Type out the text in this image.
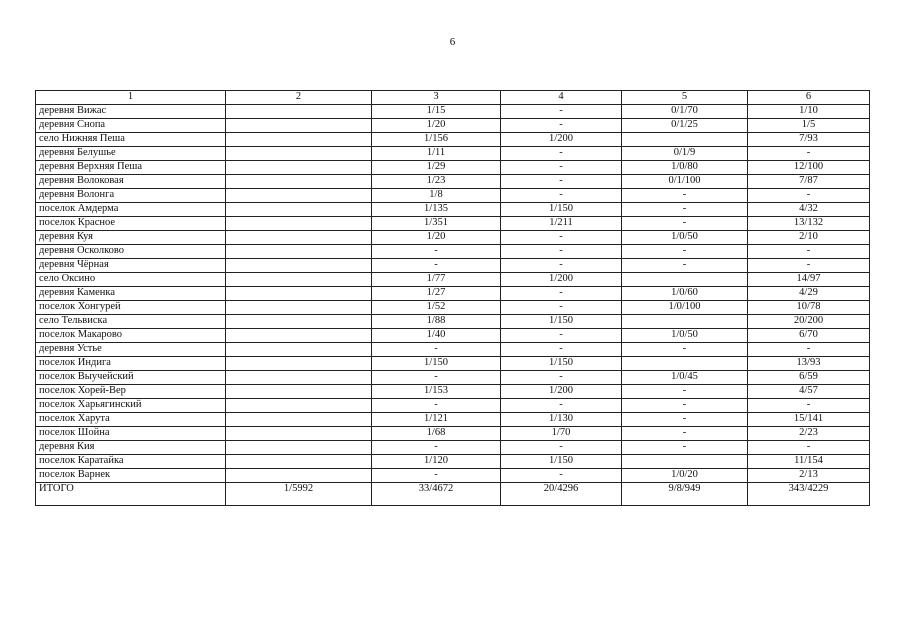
6
1	2	3	4	5	6
деревня Вижас		1/15	-	0/1/70	1/10
деревня Снопа		1/20	-	0/1/25	1/5
село Нижняя Пеша		1/156	1/200		7/93
деревня Белушье		1/11	-	0/1/9	-
деревня Верхняя Пеша		1/29	-	1/0/80	12/100
деревня Волоковая		1/23	-	0/1/100	7/87
деревня Волонга		1/8	-	-	-
поселок Амдерма		1/135	1/150	-	4/32
поселок Красное		1/351	1/211	-	13/132
деревня Куя		1/20	-	1/0/50	2/10
деревня Осколково		-	-	-	-
деревня Чёрная		-	-	-	-
село Оксино		1/77	1/200		14/97
деревня Каменка		1/27	-	1/0/60	4/29
поселок Хонгурей		1/52	-	1/0/100	10/78
село Тельвиска		1/88	1/150		20/200
поселок Макарово		1/40	-	1/0/50	6/70
деревня Устье		-	-	-	-
поселок Индига		1/150	1/150		13/93
поселок Выучейский		-	-	1/0/45	6/59
поселок Хорей-Вер		1/153	1/200	-	4/57
поселок Харьягинский		-	-	-	-
поселок Харута		1/121	1/130	-	15/141
поселок Шойна		1/68	1/70	-	2/23
деревня Кия		-	-	-	-
поселок Каратайка		1/120	1/150		11/154
поселок Варнек		-	-	1/0/20	2/13
ИТОГО	1/5992	33/4672	20/4296	9/8/949	343/4229
